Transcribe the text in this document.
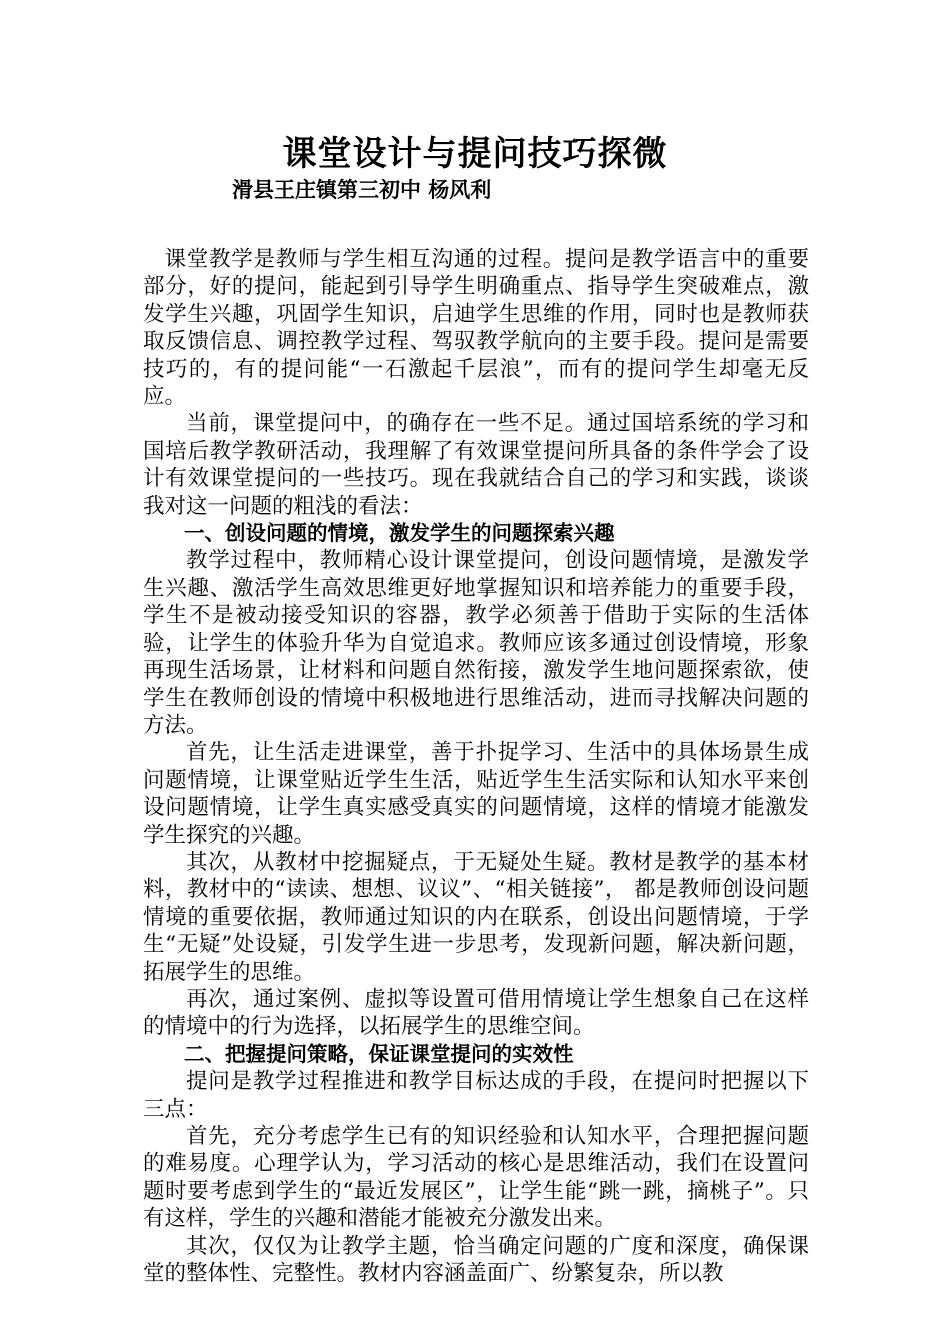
课堂设计与提问技巧探微
滑县王庄镇第三初中 杨风利

课堂教学是教师与学生相互沟通的过程。提问是教学语言中的重要部分，好的提问，能起到引导学生明确重点、指导学生突破难点，激发学生兴趣，巩固学生知识，启迪学生思维的作用，同时也是教师获取反馈信息、调控教学过程、驾驭教学航向的主要手段。提问是需要技巧的，有的提问能“一石激起千层浪”，而有的提问学生却毫无反应。

当前，课堂提问中，的确存在一些不足。通过国培系统的学习和国培后教学教研活动，我理解了有效课堂提问所具备的条件学会了设计有效课堂提问的一些技巧。现在我就结合自己的学习和实践，谈谈我对这一问题的粗浅的看法：

一、创设问题的情境，激发学生的问题探索兴趣

教学过程中，教师精心设计课堂提问，创设问题情境，是激发学生兴趣、激活学生高效思维更好地掌握知识和培养能力的重要手段，学生不是被动接受知识的容器，教学必须善于借助于实际的生活体验，让学生的体验升华为自觉追求。教师应该多通过创设情境，形象再现生活场景，让材料和问题自然衔接，激发学生地问题探索欲，使学生在教师创设的情境中积极地进行思维活动，进而寻找解决问题的方法。

首先，让生活走进课堂，善于扑捉学习、生活中的具体场景生成问题情境，让课堂贴近学生生活，贴近学生生活实际和认知水平来创设问题情境，让学生真实感受真实的问题情境，这样的情境才能激发学生探究的兴趣。

其次，从教材中挖掘疑点，于无疑处生疑。教材是教学的基本材料，教材中的“读读、想想、议议”、“相关链接”， 都是教师创设问题情境的重要依据，教师通过知识的内在联系，创设出问题情境，于学生“无疑”处设疑，引发学生进一步思考，发现新问题，解决新问题，拓展学生的思维。

再次，通过案例、虚拟等设置可借用情境让学生想象自己在这样的情境中的行为选择，以拓展学生的思维空间。

二、把握提问策略，保证课堂提问的实效性

提问是教学过程推进和教学目标达成的手段，在提问时把握以下三点：

首先，充分考虑学生已有的知识经验和认知水平，合理把握问题的难易度。心理学认为，学习活动的核心是思维活动，我们在设置问题时要考虑到学生的“最近发展区”，让学生能“跳一跳，摘桃子”。只有这样，学生的兴趣和潜能才能被充分激发出来。

其次，仅仅为让教学主题，恰当确定问题的广度和深度，确保课堂的整体性、完整性。教材内容涵盖面广、纷繁复杂，所以教
